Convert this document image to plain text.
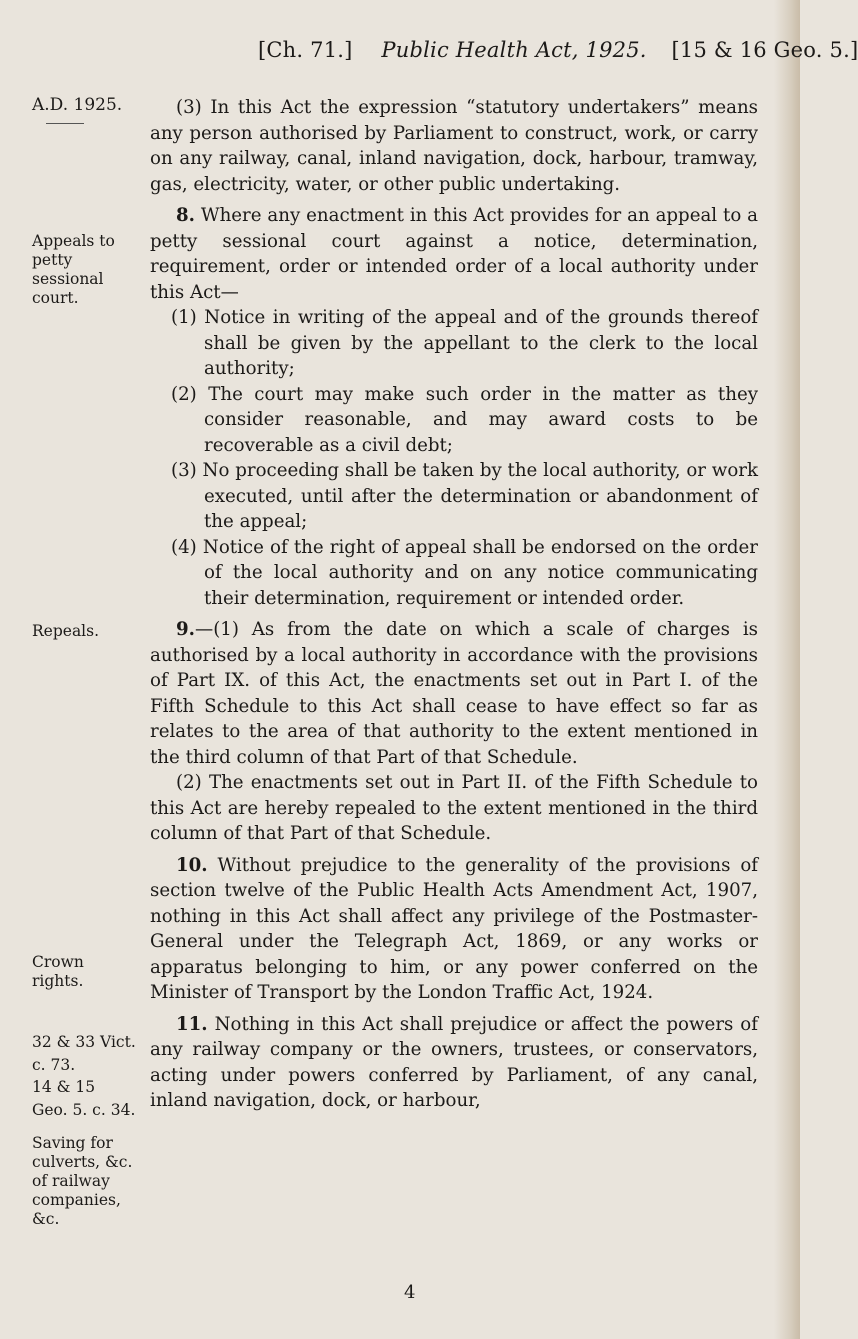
[Ch. 71.] Public Health Act, 1925. [15 & 16 Geo. 5.]
A.D. 1925.
Appeals to
petty
sessional
court.
Repeals.
Crown
rights.
32 & 33 Vict.
c. 73.
14 & 15
Geo. 5. c. 34.
Saving for
culverts, &c.
of railway
companies,
&c.

(3) In this Act the expression “statutory undertakers” means any person authorised by Parliament to construct, work, or carry on any railway, canal, inland navigation, dock, harbour, tramway, gas, electricity, water, or other public undertaking.

8. Where any enactment in this Act provides for an appeal to a petty sessional court against a notice, determination, requirement, order or intended order of a local authority under this Act—

(1) Notice in writing of the appeal and of the grounds thereof shall be given by the appellant to the clerk to the local authority;

(2) The court may make such order in the matter as they consider reasonable, and may award costs to be recoverable as a civil debt;

(3) No proceeding shall be taken by the local authority, or work executed, until after the determination or abandonment of the appeal;

(4) Notice of the right of appeal shall be endorsed on the order of the local authority and on any notice communicating their determination, requirement or intended order.

9.—(1) As from the date on which a scale of charges is authorised by a local authority in accordance with the provisions of Part IX. of this Act, the enactments set out in Part I. of the Fifth Schedule to this Act shall cease to have effect so far as relates to the area of that authority to the extent mentioned in the third column of that Part of that Schedule.

(2) The enactments set out in Part II. of the Fifth Schedule to this Act are hereby repealed to the extent mentioned in the third column of that Part of that Schedule.

10. Without prejudice to the generality of the provisions of section twelve of the Public Health Acts Amendment Act, 1907, nothing in this Act shall affect any privilege of the Postmaster-General under the Telegraph Act, 1869, or any works or apparatus belonging to him, or any power conferred on the Minister of Transport by the London Traffic Act, 1924.

11. Nothing in this Act shall prejudice or affect the powers of any railway company or the owners, trustees, or conservators, acting under powers conferred by Parliament, of any canal, inland navigation, dock, or harbour,

4
